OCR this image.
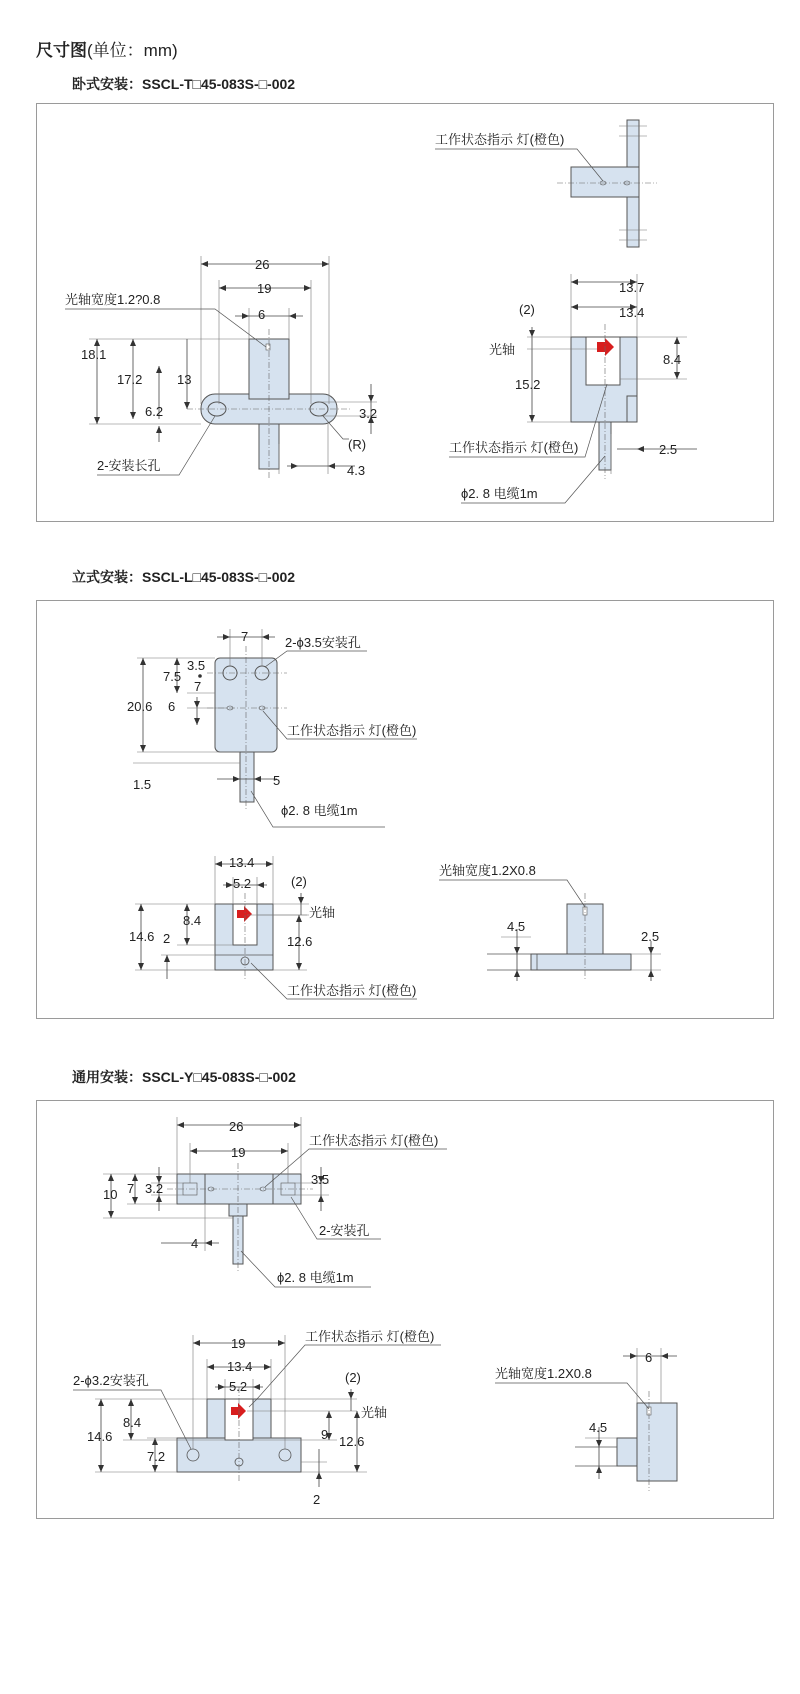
尺寸图(单位：mm)
卧式安装：SSCL-T□45-083S-□-002
26
19
6
18.1
17.2	13
6.2	3.2
(R)
4.3
光轴宽度1.2?0.8
2-安装长孔
工作状态指示 灯(橙色)
13.7
13.4
(2)
光轴
8.4
15.2
工作状态指示 灯(橙色)	2.5
ϕ2. 8 电缆1m
立式安装：SSCL-L□45-083S-□-002
7	2-ϕ3.5安装孔
20.6
7.5
3.5
7
6
1.5	5
工作状态指示 灯(橙色)
ϕ2. 8 电缆1m
13.4
5.2	(2)
光轴
14.6
8.4
2	12.6
工作状态指示 灯(橙色)
光轴宽度1.2X0.8
4.5
2.5
通用安装：SSCL-Y□45-083S-□-002
26
19
10 7 3.2
3.5
4
工作状态指示 灯(橙色)
2-安装孔
ϕ2. 8 电缆1m
19
13.4
5.2
(2)
光轴
14.6
8.4
7.2
9 12.6
2
2-ϕ3.2安装孔
工作状态指示 灯(橙色)
6
光轴宽度1.2X0.8
4.5
